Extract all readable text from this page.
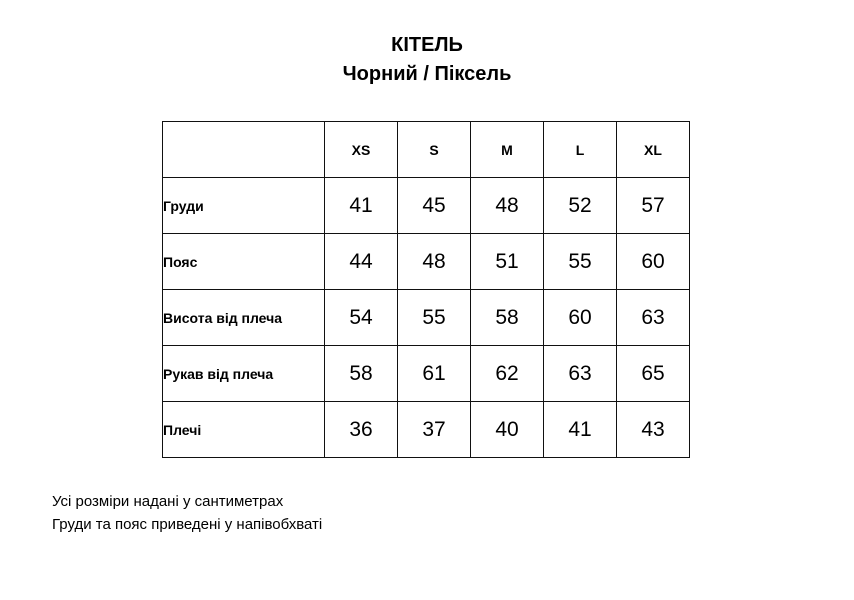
КІТЕЛЬ
Чорний / Піксель
	XS	S	M	L	XL
Груди	41	45	48	52	57
Пояс	44	48	51	55	60
Висота від плеча	54	55	58	60	63
Рукав від плеча	58	61	62	63	65
Плечі	36	37	40	41	43
Усі розміри надані у сантиметрах
Груди та пояс приведені у напівобхваті
